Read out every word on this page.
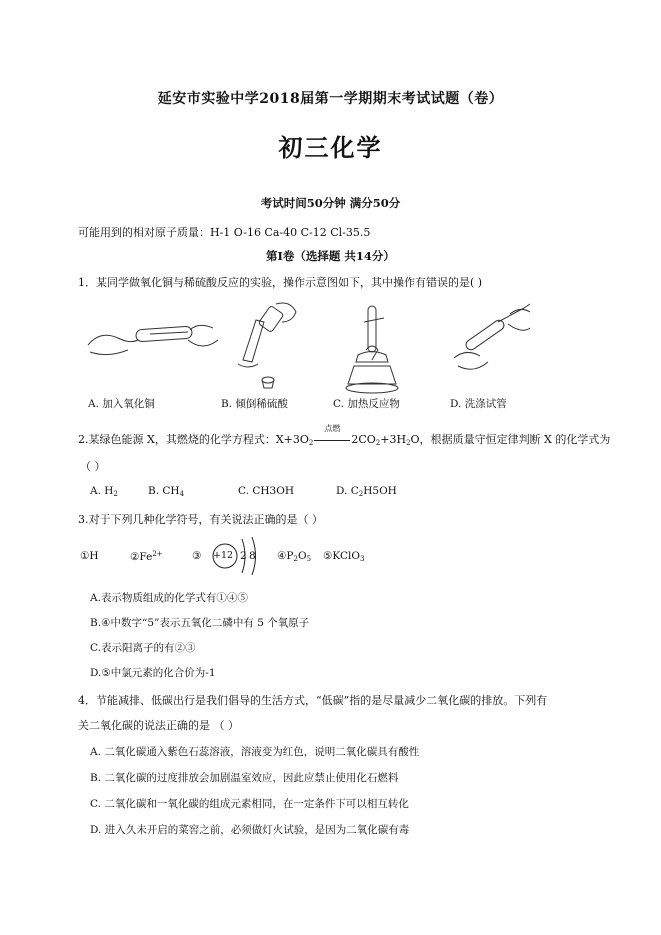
延安市实验中学2018届第一学期期末考试试题（卷）
初三化学
考试时间50分钟 满分50分
可能用到的相对原子质量：H-1 O-16 Ca-40 C-12 Cl-35.5
第Ⅰ卷（选择题 共14分）
1．某同学做氧化铜与稀硫酸反应的实验，操作示意图如下，其中操作有错误的是( )
A. 加入氧化铜	B. 倾倒稀硫酸	C. 加热反应物	D. 洗涤试管
2.某绿色能源 X，其燃烧的化学方程式：$X+3O_2$
点燃
$2CO_2+3H_2O$，根据质量守恒定律判断 X 的化学式为
（ ）
A. $H_2$	B. $CH_4$	C. CH3OH	D. $C_2H5OH$
3.对于下列几种化学符号，有关说法正确的是（ ）
①H	$②Fe^{2+}$	③ +12 2 8 $④P_2O_5$ ⑤KClO$_3$
A.表示物质组成的化学式有①④⑤
B.④中数字“5”表示五氧化二磷中有 5 个氧原子
C.表示阳离子的有②③
D.⑤中氯元素的化合价为-1
4．节能减排、低碳出行是我们倡导的生活方式，“低碳”指的是尽量减少二氧化碳的排放。下列有
关二氧化碳的说法正确的是 （ ）
A. 二氧化碳通入紫色石蕊溶液，溶液变为红色，说明二氧化碳具有酸性
B. 二氧化碳的过度排放会加剧温室效应，因此应禁止使用化石燃料
C. 二氧化碳和一氧化碳的组成元素相同，在一定条件下可以相互转化
D. 进入久未开启的菜窖之前，必须做灯火试验，是因为二氧化碳有毒
